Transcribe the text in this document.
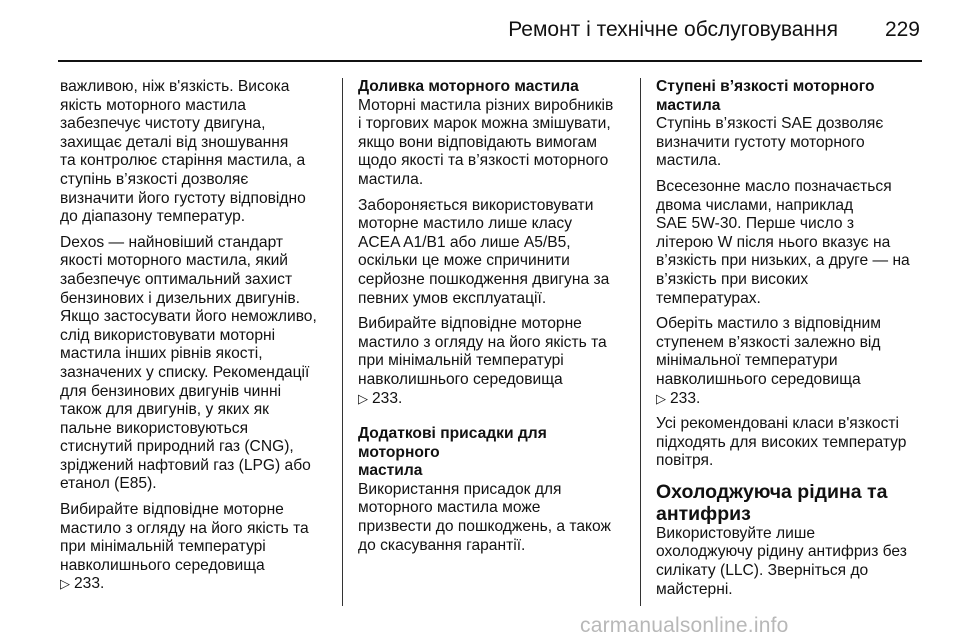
Ремонт і технічне обслуговування 229

важливою, ніж в'язкість. Висока
якість моторного мастила
забезпечує чистоту двигуна,
захищає деталі від зношування
та контролює старіння мастила, а
ступінь в’язкості дозволяє
визначити його густоту відповідно
до діапазону температур.

Dexos — найновіший стандарт
якості моторного мастила, який
забезпечує оптимальний захист
бензинових і дизельних двигунів.
Якщо застосувати його неможливо,
слід використовувати моторні
мастила інших рівнів якості,
зазначених у списку. Рекомендації
для бензинових двигунів чинні
також для двигунів, у яких як
пальне використовуються
стиснутий природний газ (CNG),
зріджений нафтовий газ (LPG) або
етанол (E85).

Вибирайте відповідне моторне
мастило з огляду на його якість та
при мінімальній температурі
навколишнього середовища
▷ 233.

Доливка моторного мастила

Моторні мастила різних виробників
і торгових марок можна змішувати,
якщо вони відповідають вимогам
щодо якості та в’язкості моторного
мастила.

Забороняється використовувати
моторне мастило лише класу
ACEA A1/B1 або лише A5/B5,
оскільки це може спричинити
серйозне пошкодження двигуна за
певних умов експлуатації.

Вибирайте відповідне моторне
мастило з огляду на його якість та
при мінімальній температурі
навколишнього середовища
▷ 233.

Додаткові присадки для моторного
мастила

Використання присадок для
моторного мастила може
призвести до пошкоджень, а також
до скасування гарантії.

Ступені в’язкості моторного
мастила

Ступінь в’язкості SAE дозволяє
визначити густоту моторного
мастила.

Всесезонне масло позначається
двома числами, наприклад
SAE 5W-30. Перше число з
літерою W після нього вказує на
в’язкість при низьких, а друге — на
в’язкість при високих
температурах.

Оберіть мастило з відповідним
ступенем в’язкості залежно від
мінімальної температури
навколишнього середовища
▷ 233.

Усі рекомендовані класи в'язкості
підходять для високих температур
повітря.

Охолоджуюча рідина та
антифриз

Використовуйте лише
охолоджуючу рідину антифриз без
силікату (LLC). Зверніться до
майстерні.

carmanualsonline.info
